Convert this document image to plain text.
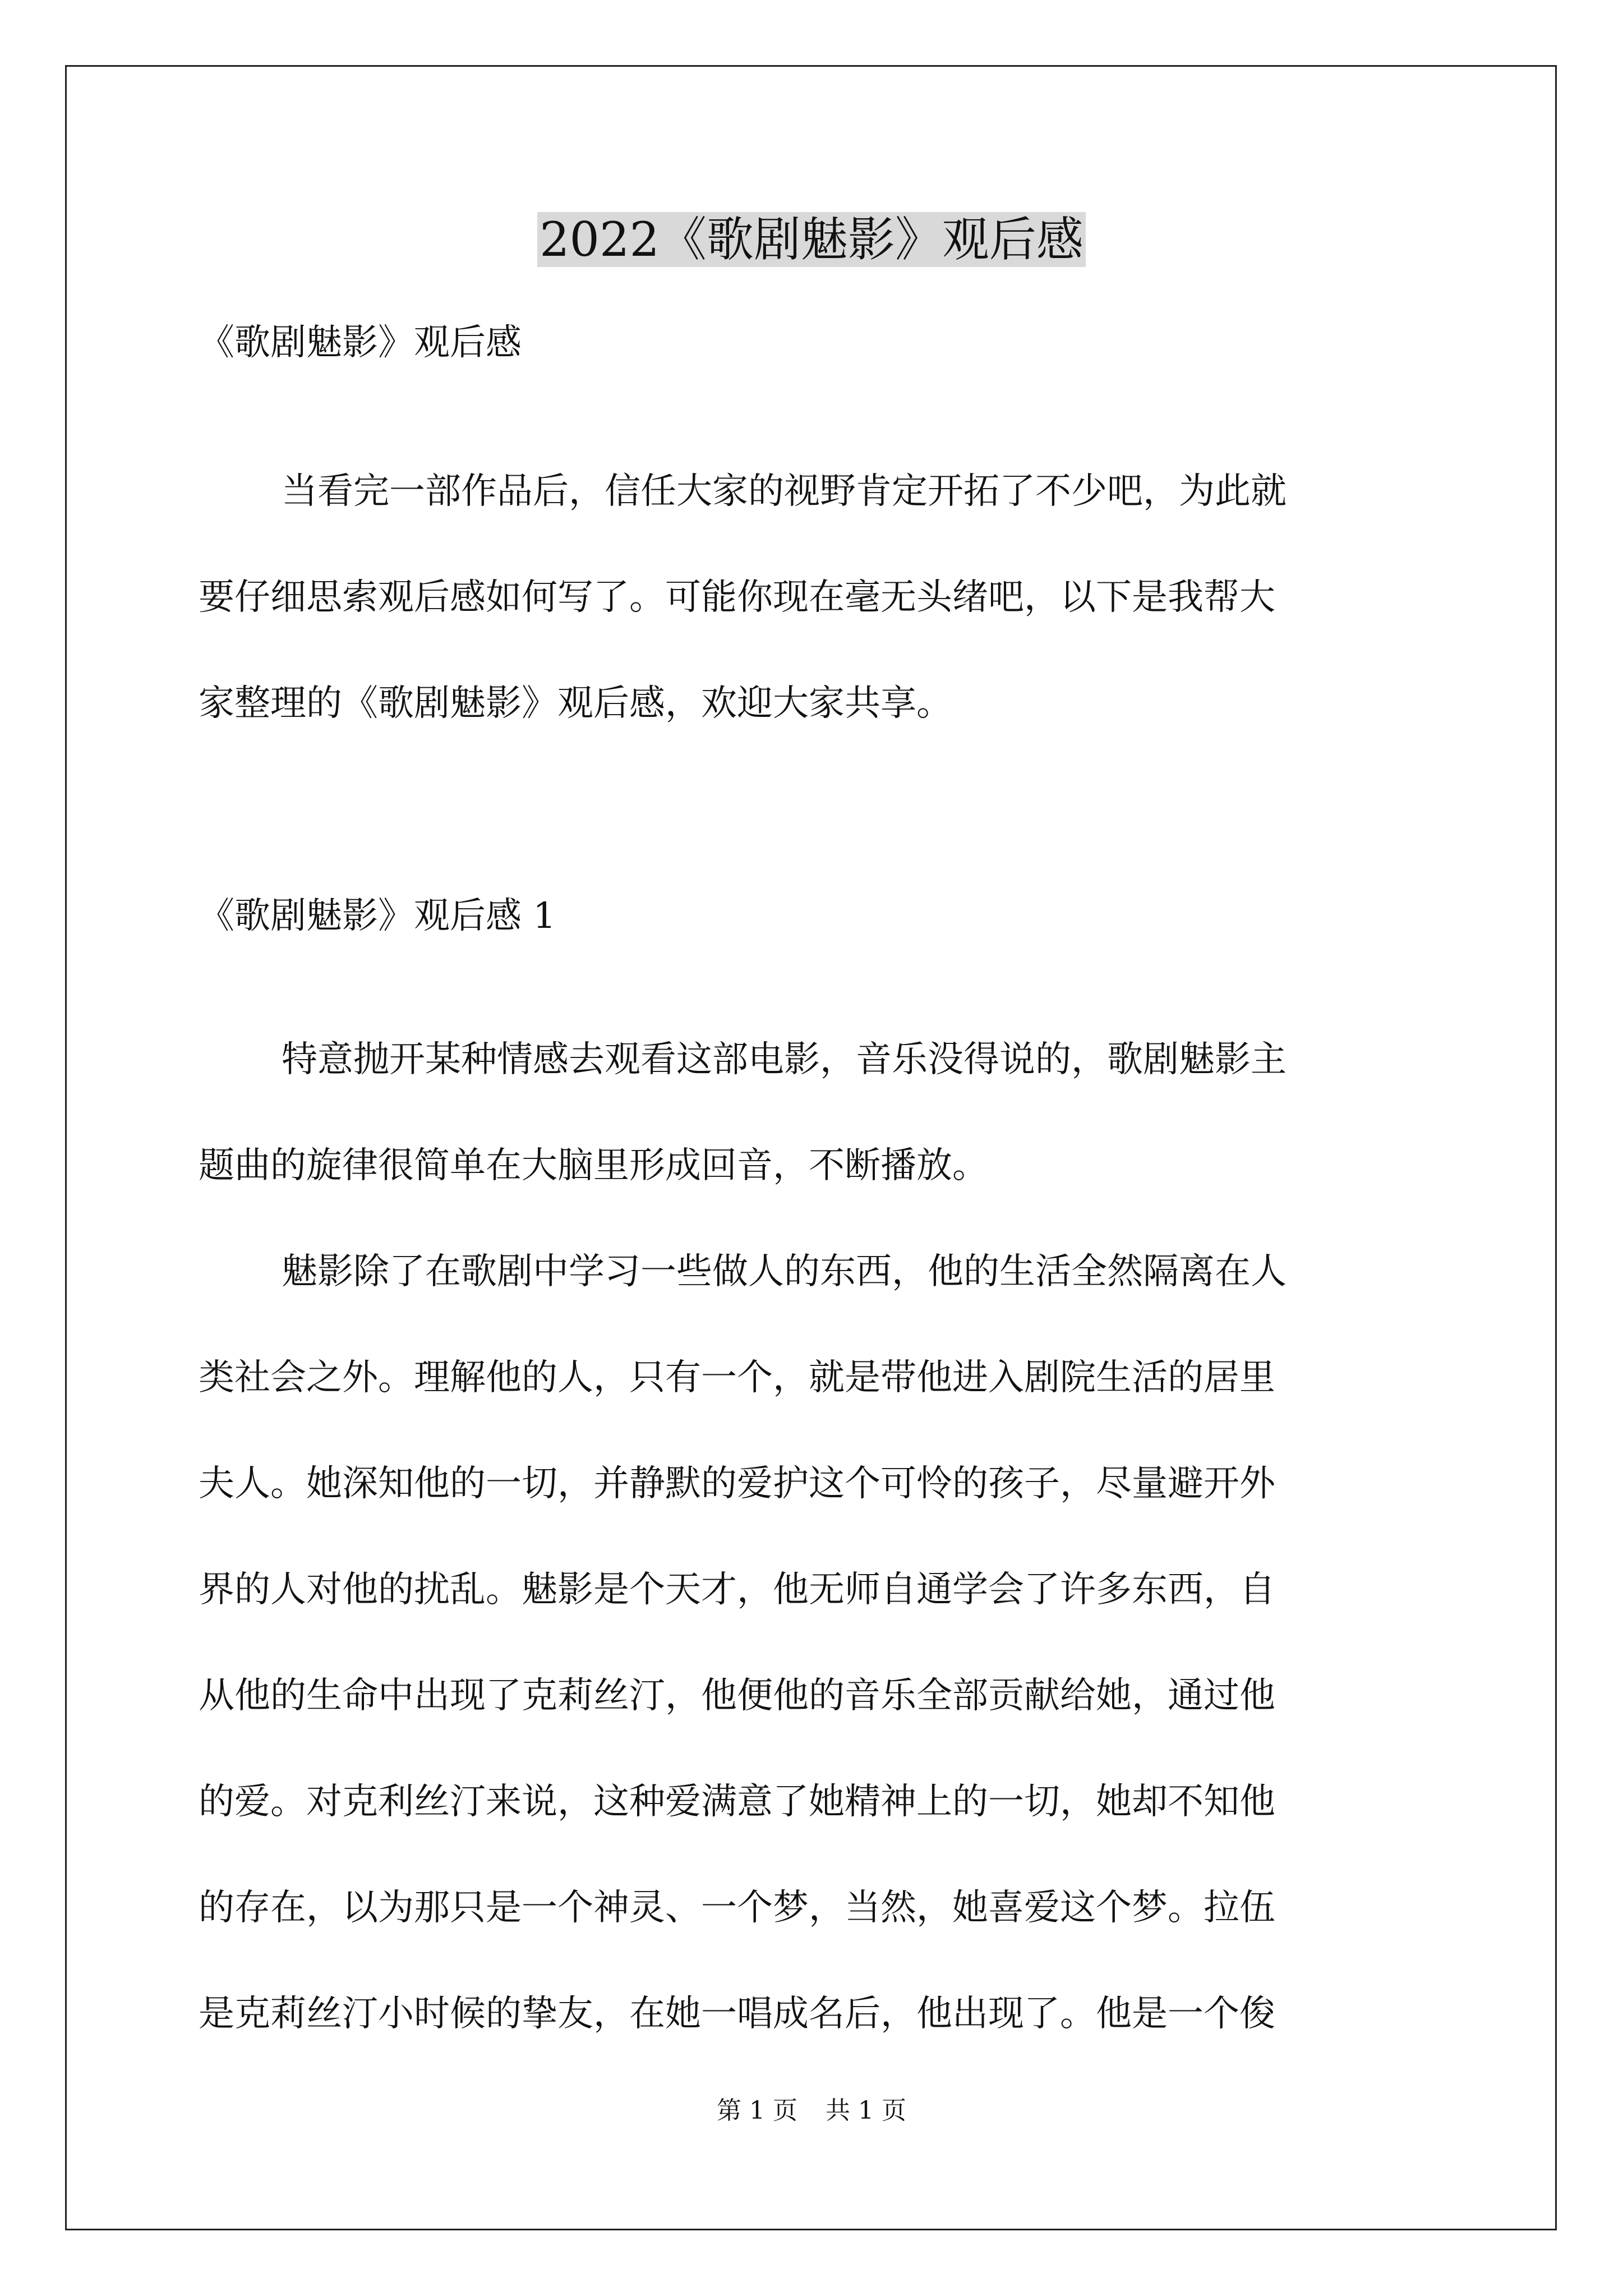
2022《歌剧魅影》观后感
《歌剧魅影》观后感
当看完一部作品后，信任大家的视野肯定开拓了不少吧，为此就
要仔细思索观后感如何写了。可能你现在毫无头绪吧，以下是我帮大
家整理的《歌剧魅影》观后感，欢迎大家共享。
《歌剧魅影》观后感 1
特意抛开某种情感去观看这部电影，音乐没得说的，歌剧魅影主
题曲的旋律很简单在大脑里形成回音，不断播放。
魅影除了在歌剧中学习一些做人的东西，他的生活全然隔离在人
类社会之外。理解他的人，只有一个，就是带他进入剧院生活的居里
夫人。她深知他的一切，并静默的爱护这个可怜的孩子，尽量避开外
界的人对他的扰乱。魅影是个天才，他无师自通学会了许多东西，自
从他的生命中出现了克莉丝汀，他便他的音乐全部贡献给她，通过他
的爱。对克利丝汀来说，这种爱满意了她精神上的一切，她却不知他
的存在，以为那只是一个神灵、一个梦，当然，她喜爱这个梦。拉伍
是克莉丝汀小时候的挚友，在她一唱成名后，他出现了。他是一个俊
第 1 页 共 1 页
